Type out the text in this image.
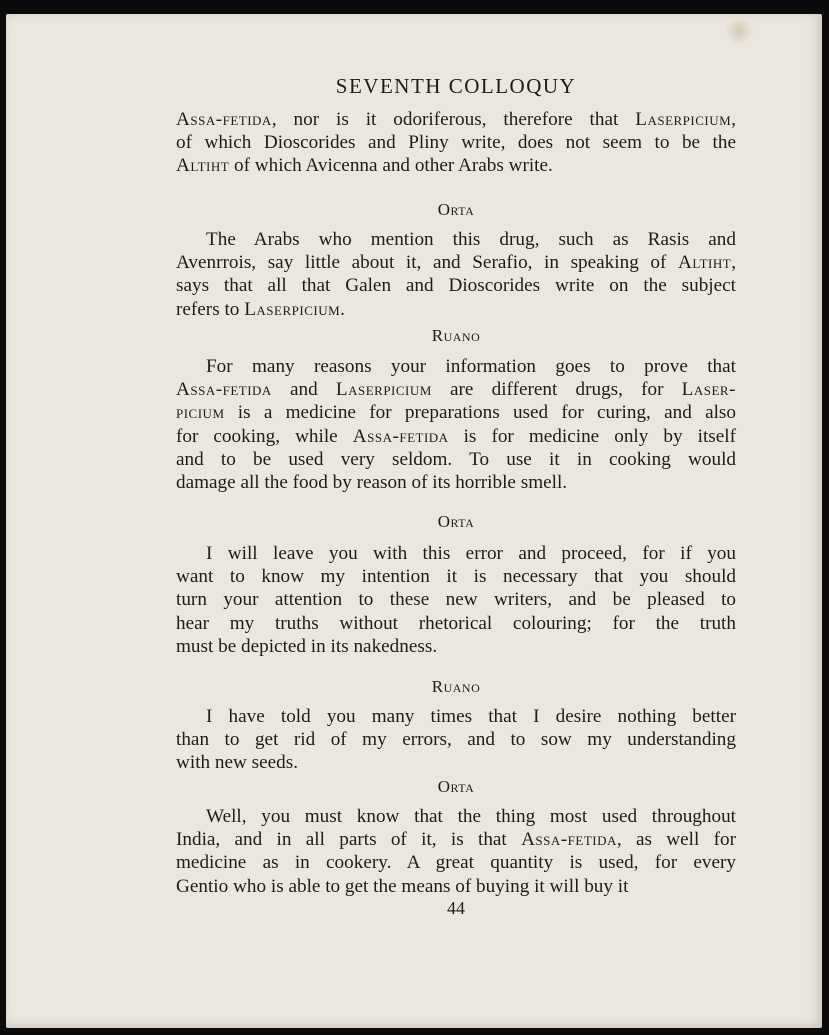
SEVENTH COLLOQUY
Assa-fetida, nor is it odoriferous, therefore that Laserpicium,
of which Dioscorides and Pliny write, does not seem to be the
Altiht of which Avicenna and other Arabs write.
Orta
The Arabs who mention this drug, such as Rasis and
Avenrrois, say little about it, and Serafio, in speaking of Altiht,
says that all that Galen and Dioscorides write on the subject
refers to Laserpicium.
Ruano
For many reasons your information goes to prove that
Assa-fetida and Laserpicium are different drugs, for Laser-
picium is a medicine for preparations used for curing, and also
for cooking, while Assa-fetida is for medicine only by itself
and to be used very seldom. To use it in cooking would
damage all the food by reason of its horrible smell.
Orta
I will leave you with this error and proceed, for if you
want to know my intention it is necessary that you should
turn your attention to these new writers, and be pleased to
hear my truths without rhetorical colouring; for the truth
must be depicted in its nakedness.
Ruano
I have told you many times that I desire nothing better
than to get rid of my errors, and to sow my understanding
with new seeds.
Orta
Well, you must know that the thing most used throughout
India, and in all parts of it, is that Assa-fetida, as well for
medicine as in cookery. A great quantity is used, for every
Gentio who is able to get the means of buying it will buy it
44
